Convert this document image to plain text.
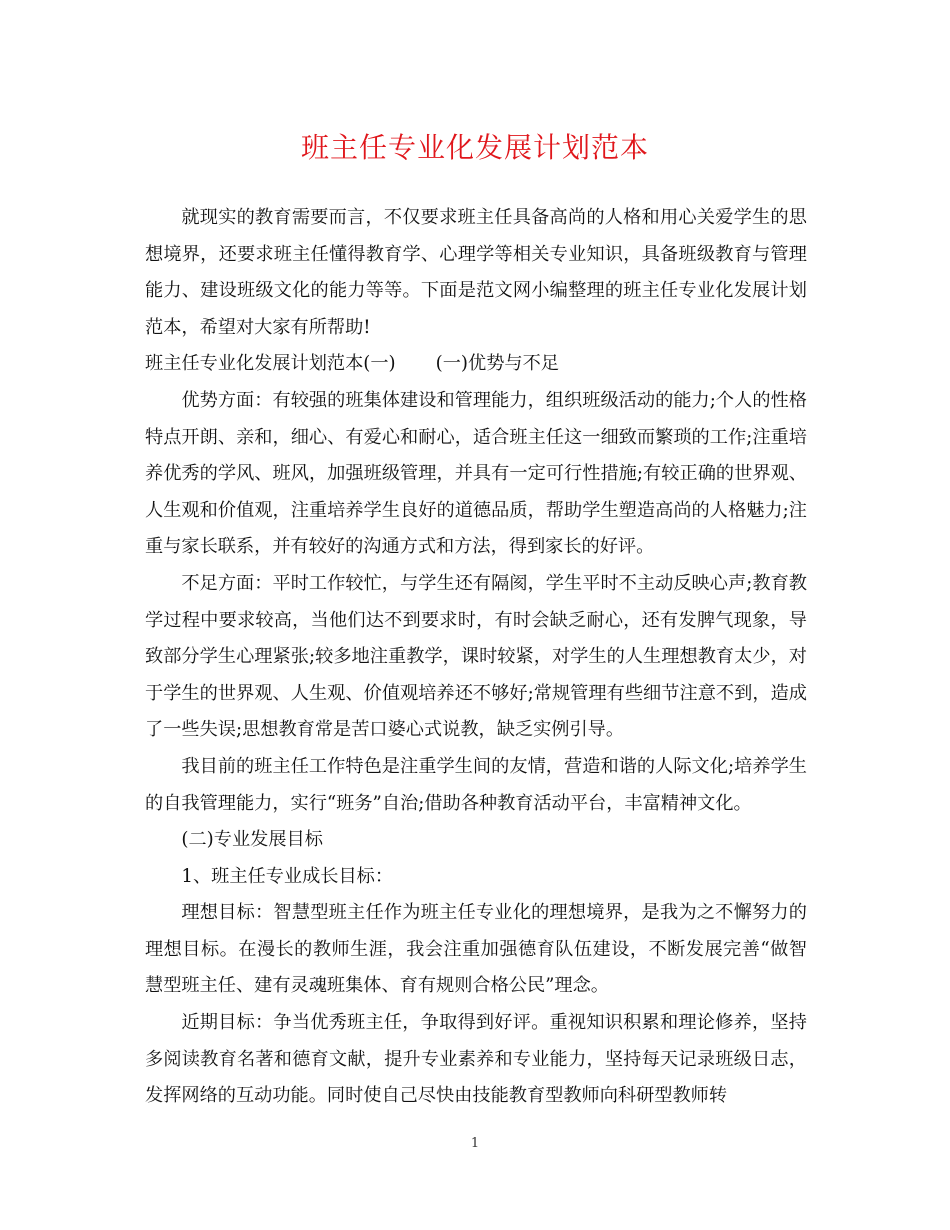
班主任专业化发展计划范本

就现实的教育需要而言，不仅要求班主任具备高尚的人格和用心关爱学生的思想境界，还要求班主任懂得教育学、心理学等相关专业知识，具备班级教育与管理能力、建设班级文化的能力等等。下面是范文网小编整理的班主任专业化发展计划范本，希望对大家有所帮助!

班主任专业化发展计划范本(一) (一)优势与不足

优势方面：有较强的班集体建设和管理能力，组织班级活动的能力;个人的性格特点开朗、亲和，细心、有爱心和耐心，适合班主任这一细致而繁琐的工作;注重培养优秀的学风、班风，加强班级管理，并具有一定可行性措施;有较正确的世界观、人生观和价值观，注重培养学生良好的道德品质，帮助学生塑造高尚的人格魅力;注重与家长联系，并有较好的沟通方式和方法，得到家长的好评。

不足方面：平时工作较忙，与学生还有隔阂，学生平时不主动反映心声;教育教学过程中要求较高，当他们达不到要求时，有时会缺乏耐心，还有发脾气现象，导致部分学生心理紧张;较多地注重教学，课时较紧，对学生的人生理想教育太少，对于学生的世界观、人生观、价值观培养还不够好;常规管理有些细节注意不到，造成了一些失误;思想教育常是苦口婆心式说教，缺乏实例引导。

我目前的班主任工作特色是注重学生间的友情，营造和谐的人际文化;培养学生的自我管理能力，实行“班务”自治;借助各种教育活动平台，丰富精神文化。

(二)专业发展目标

1、班主任专业成长目标：

理想目标：智慧型班主任作为班主任专业化的理想境界，是我为之不懈努力的理想目标。在漫长的教师生涯，我会注重加强德育队伍建设，不断发展完善“做智慧型班主任、建有灵魂班集体、育有规则合格公民”理念。

近期目标：争当优秀班主任，争取得到好评。重视知识积累和理论修养，坚持多阅读教育名著和德育文献，提升专业素养和专业能力，坚持每天记录班级日志，发挥网络的互动功能。同时使自己尽快由技能教育型教师向科研型教师转

1
